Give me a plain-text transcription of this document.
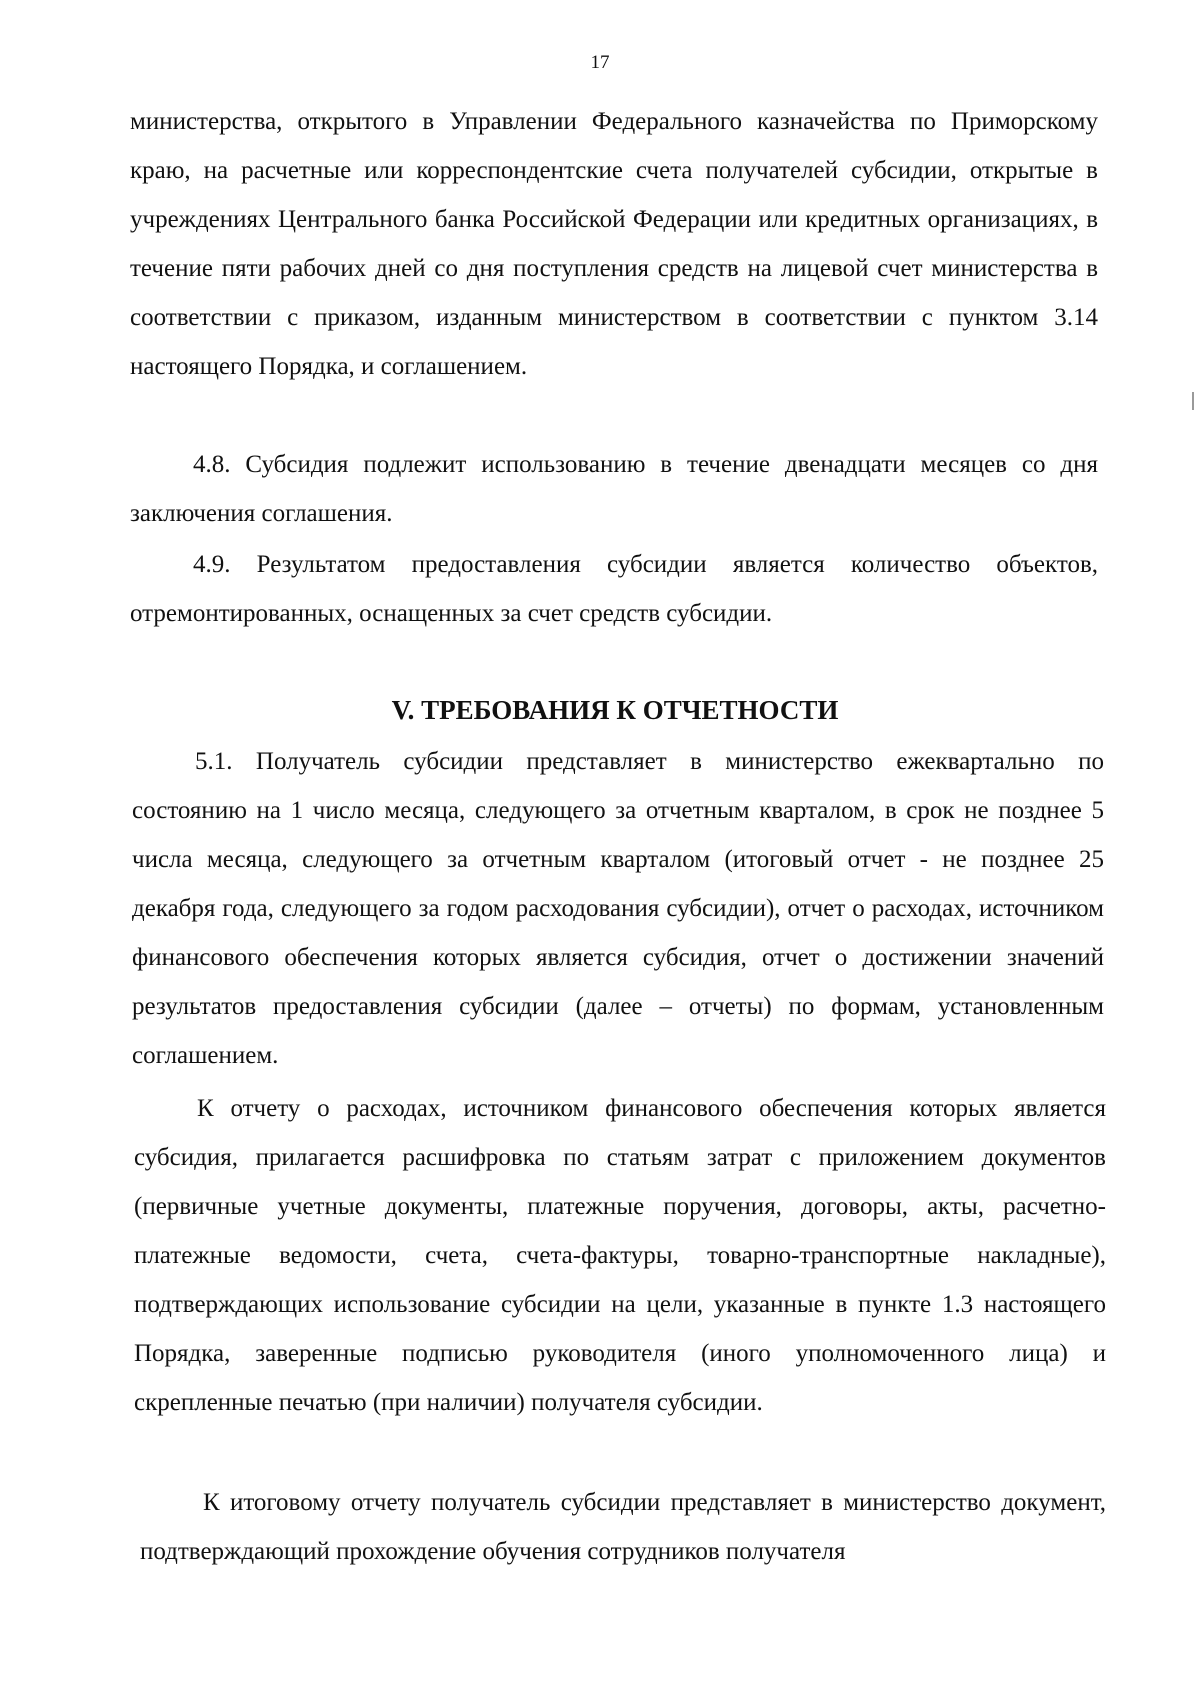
17

министерства, открытого в Управлении Федерального казначейства по Приморскому краю, на расчетные или корреспондентские счета получателей субсидии, открытые в учреждениях Центрального банка Российской Федерации или кредитных организациях, в течение пяти рабочих дней со дня поступления средств на лицевой счет министерства в соответствии с приказом, изданным министерством в соответствии с пунктом 3.14 настоящего Порядка, и соглашением.

4.8. Субсидия подлежит использованию в течение двенадцати месяцев со дня заключения соглашения.

4.9. Результатом предоставления субсидии является количество объектов, отремонтированных, оснащенных за счет средств субсидии.

V. ТРЕБОВАНИЯ К ОТЧЕТНОСТИ

5.1. Получатель субсидии представляет в министерство ежеквартально по состоянию на 1 число месяца, следующего за отчетным кварталом, в срок не позднее 5 числа месяца, следующего за отчетным кварталом (итоговый отчет - не позднее 25 декабря года, следующего за годом расходования субсидии), отчет о расходах, источником финансового обеспечения которых является субсидия, отчет о достижении значений результатов предоставления субсидии (далее – отчеты) по формам, установленным соглашением.

К отчету о расходах, источником финансового обеспечения которых является субсидия, прилагается расшифровка по статьям затрат с приложением документов (первичные учетные документы, платежные поручения, договоры, акты, расчетно-платежные ведомости, счета, счета-фактуры, товарно-транспортные накладные), подтверждающих использование субсидии на цели, указанные в пункте 1.3 настоящего Порядка, заверенные подписью руководителя (иного уполномоченного лица) и скрепленные печатью (при наличии) получателя субсидии.

К итоговому отчету получатель субсидии представляет в министерство документ, подтверждающий прохождение обучения сотрудников получателя
